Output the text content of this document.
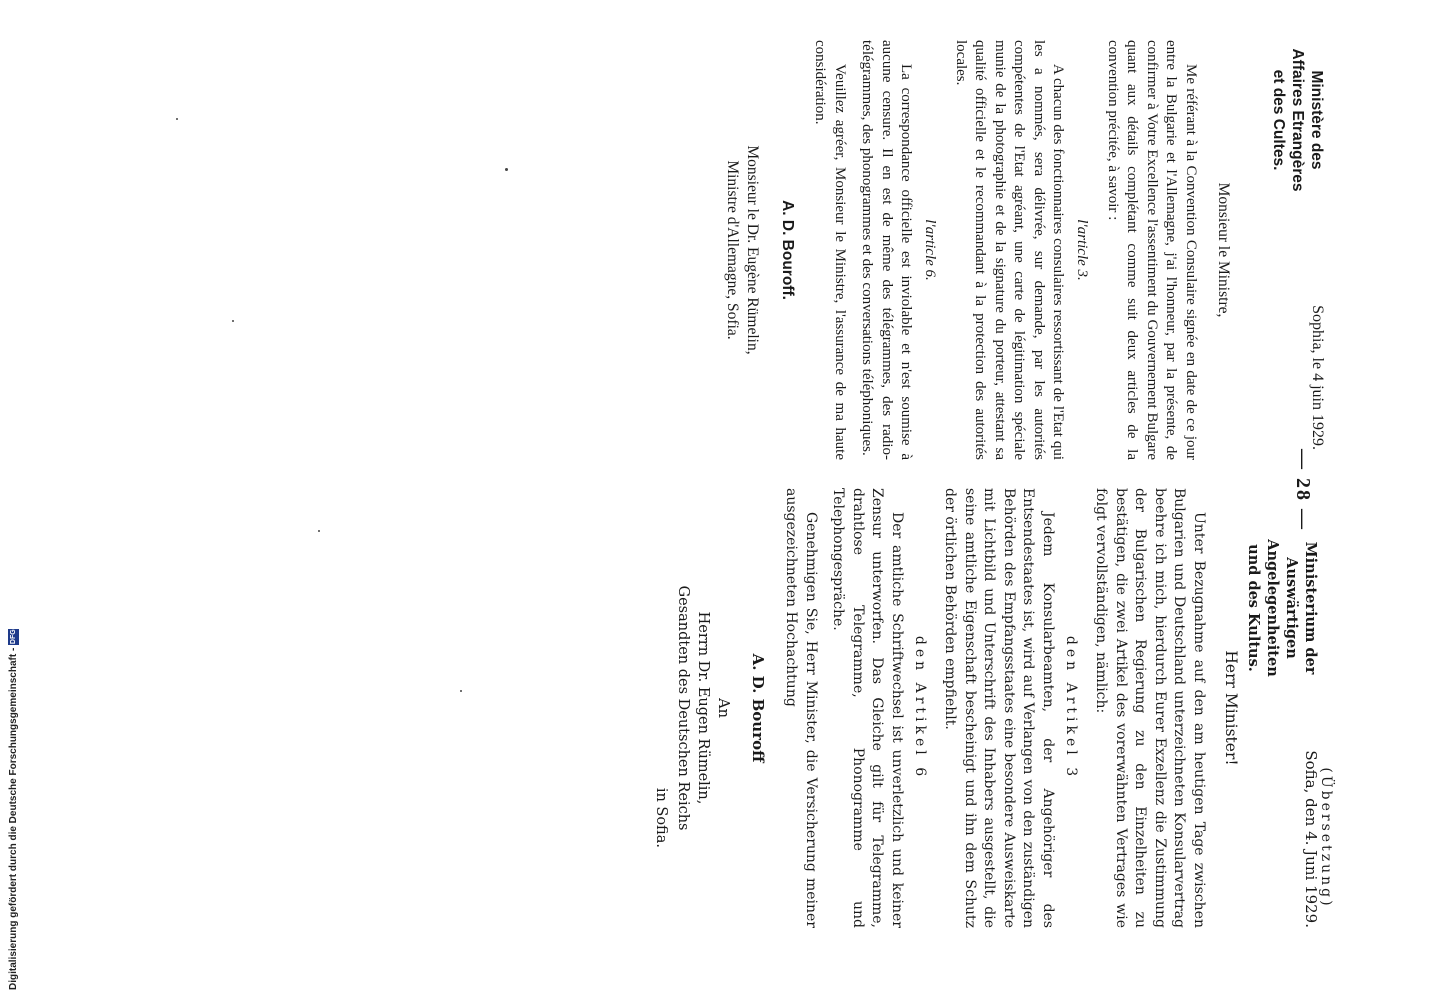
— 28 —
Ministère des
Affaires Etrangères
et des Cultes.
Sophia, le 4 juin 1929.
Monsieur le Ministre,

Me référant à la Convention Consulaire signée en date de ce jour entre la Bulgarie et l'Allemagne, j'ai l'honneur, par la présente, de confirmer à Votre Excellence l'assentiment du Gouvernement Bulgare quant aux détails complétant comme suit deux articles de la convention précitée, à savoir :

l'article 3.

A chacun des fonctionnaires consulaires ressortissant de l'Etat qui les a nommés, sera délivrée, sur demande, par les autorités compétentes de l'Etat agréant, une carte de légitimation spéciale munie de la photographie et de la signature du porteur, attestant sa qualité officielle et le recommandant à la protection des autorités locales.

l'article 6.

La correspondance officielle est inviolable et n'est soumise à aucune censure. Il en est de même des télégrammes, des radio-télégrammes, des phonogrammes et des conversations téléphoniques.

Veuillez agréer, Monsieur le Ministre, l'assurance de ma haute considération.

A. D. Bouroff.
Monsieur le Dr. Eugène Rümelin,
Ministre d'Allemagne, Sofia.
(Übersetzung)
Ministerium der
Auswärtigen Angelegenheiten
und des Kultus.
Sofia, den 4. Juni 1929.
Herr Minister!

Unter Bezugnahme auf den am heutigen Tage zwischen Bulgarien und Deutschland unterzeichneten Konsularvertrag beehre ich mich, hierdurch Eurer Exzellenz die Zustimmung der Bulgarischen Regierung zu den Einzelheiten zu bestätigen, die zwei Artikel des vorerwähnten Vertrages wie folgt vervollständigen, nämlich:

den Artikel 3

Jedem Konsularbeamten, der Angehöriger des Entsendestaates ist, wird auf Verlangen von den zuständigen Behörden des Empfangsstaates eine besondere Ausweiskarte mit Lichtbild und Unterschrift des Inhabers ausgestellt, die seine amtliche Eigenschaft bescheinigt und ihn dem Schutz der örtlichen Behörden empfiehlt.

den Artikel 6

Der amtliche Schriftwechsel ist unverletzlich und keiner Zensur unterworfen. Das Gleiche gilt für Telegramme, drahtlose Telegramme, Phonogramme und Telephongespräche.

Genehmigen Sie, Herr Minister, die Versicherung meiner ausgezeichneten Hochachtung

A. D. Bouroff
An
Herrn Dr. Eugen Rümelin,
Gesandten des Deutschen Reichs
in Sofia.
Digitalisierung gefördert durch die Deutsche Forschungsgemeinschaft -DFG
